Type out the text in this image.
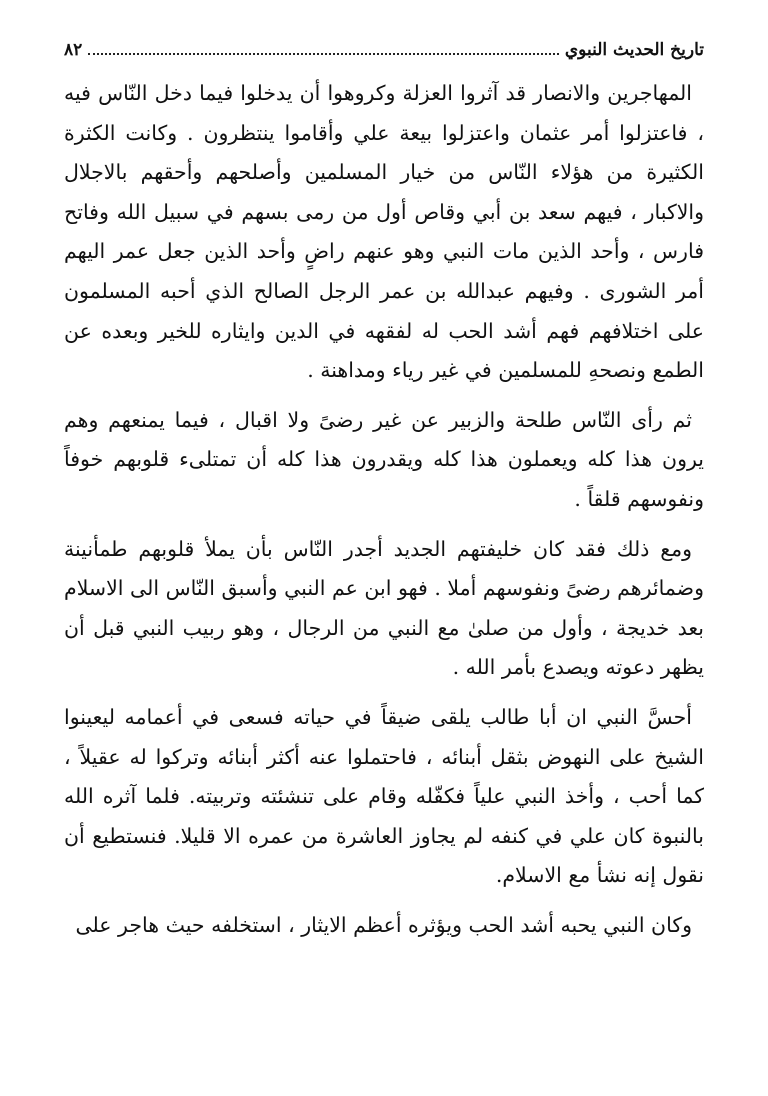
تاريخ الحديث النبوي
٨٢

المهاجرين والانصار قد آثروا العزلة وكروهوا أن يدخلوا فيما دخل النّاس فيه ، فاعتزلوا أمر عثمان واعتزلوا بيعة علي وأقاموا ينتظرون . وكانت الكثرة الكثيرة من هؤلاء النّاس من خيار المسلمين وأصلحهم وأحقهم بالاجلال والاكبار ، فيهم سعد بن أبي وقاص أول من رمى بسهم في سبيل الله وفاتح فارس ، وأحد الذين مات النبي وهو عنهم راضٍ وأحد الذين جعل عمر اليهم أمر الشورى . وفيهم عبدالله بن عمر الرجل الصالح الذي أحبه المسلمون على اختلافهم فهم أشد الحب له لفقهه في الدين وايثاره للخير وبعده عن الطمع ونصحهِ للمسلمين في غير رياء ومداهنة .

ثم رأى النّاس طلحة والزبير عن غير رضىً ولا اقبال ، فيما يمنعهم وهم يرون هذا كله ويعملون هذا كله ويقدرون هذا كله أن تمتلىء قلوبهم خوفاً ونفوسهم قلقاً .

ومع ذلك فقد كان خليفتهم الجديد أجدر النّاس بأن يملأ قلوبهم طمأنينة وضمائرهم رضىً ونفوسهم أملا . فهو ابن عم النبي وأسبق النّاس الى الاسلام بعد خديجة ، وأول من صلىٰ مع النبي من الرجال ، وهو ربيب النبي قبل أن يظهر دعوته ويصدع بأمر الله .

أحسَّ النبي ان أبا طالب يلقى ضيقاً في حياته فسعى في أعمامه ليعينوا الشيخ على النهوض بثقل أبنائه ، فاحتملوا عنه أكثر أبنائه وتركوا له عقيلاً ، كما أحب ، وأخذ النبي علياً فكفّله وقام على تنشئته وتربيته. فلما آثره الله بالنبوة كان علي في كنفه لم يجاوز العاشرة من عمره الا قليلا. فنستطيع أن نقول إنه نشأ مع الاسلام.

وكان النبي يحبه أشد الحب ويؤثره أعظم الايثار ، استخلفه حيث هاجر على
